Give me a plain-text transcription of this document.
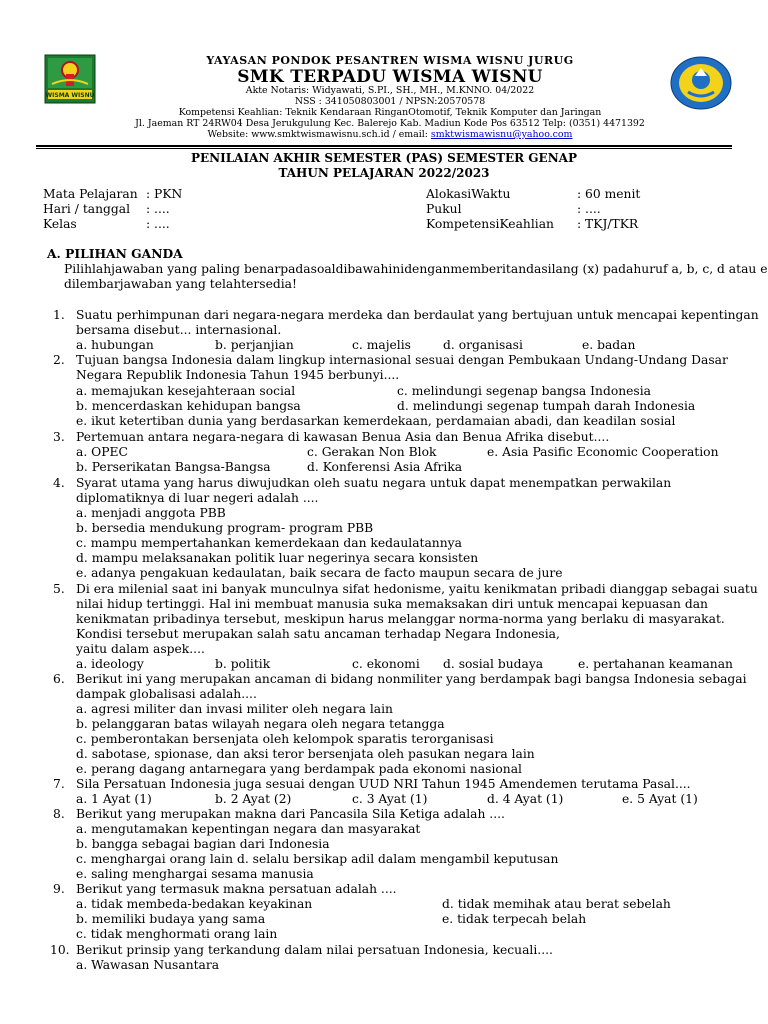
WISMA WISNU
YAYASAN PONDOK PESANTREN WISMA WISNU JURUG
SMK TERPADU WISMA WISNU
Akte Notaris: Widyawati, S.PI., SH., MH., M.KNNO. 04/2022
NSS : 341050803001 / NPSN:20570578
Kompetensi Keahlian: Teknik Kendaraan RinganOtomotif, Teknik Komputer dan Jaringan
Jl. Jaeman RT 24RW04 Desa Jerukgulung Kec. Balerejo Kab. Madiun Kode Pos 63512 Telp: (0351) 4471392
Website: www.smktwismawisnu.sch.id / email: smktwismawisnu@yahoo.com
PENILAIAN AKHIR SEMESTER (PAS) SEMESTER GENAP
TAHUN PELAJARAN 2022/2023
Mata Pelajaran : PKN
Hari / tanggal : ....
Kelas	: ....
AlokasiWaktu	: 60 menit
Pukul	: ....
KompetensiKeahlian : TKJ/TKR
A. PILIHAN GANDA
Pilihlahjawaban yang paling benarpadasoaldibawahinidenganmemberitandasilang (x) padahuruf a, b, c, d atau e
dilembarjawaban yang telahtersedia!
1. Suatu perhimpunan dari negara-negara merdeka dan berdaulat yang bertujuan untuk mencapai kepentingan
bersama disebut... internasional.
a. hubungan	b. perjanjian	c. majelis	d. organisasi	e. badan
2. Tujuan bangsa Indonesia dalam lingkup internasional sesuai dengan Pembukaan Undang-Undang Dasar
Negara Republik Indonesia Tahun 1945 berbunyi....
a. memajukan kesejahteraan social	c. melindungi segenap bangsa Indonesia
b. mencerdaskan kehidupan bangsa	d. melindungi segenap tumpah darah Indonesia
e. ikut ketertiban dunia yang berdasarkan kemerdekaan, perdamaian abadi, dan keadilan sosial
3. Pertemuan antara negara-negara di kawasan Benua Asia dan Benua Afrika disebut....
a. OPEC	c. Gerakan Non Blok	e. Asia Pasific Economic Cooperation
b. Perserikatan Bangsa-Bangsa	d. Konferensi Asia Afrika
4. Syarat utama yang harus diwujudkan oleh suatu negara untuk dapat menempatkan perwakilan
diplomatiknya di luar negeri adalah ....
a. menjadi anggota PBB
b. bersedia mendukung program- program PBB
c. mampu mempertahankan kemerdekaan dan kedaulatannya
d. mampu melaksanakan politik luar negerinya secara konsisten
e. adanya pengakuan kedaulatan, baik secara de facto maupun secara de jure
5. Di era milenial saat ini banyak munculnya sifat hedonisme, yaitu kenikmatan pribadi dianggap sebagai suatu
nilai hidup tertinggi. Hal ini membuat manusia suka memaksakan diri untuk mencapai kepuasan dan
kenikmatan pribadinya tersebut, meskipun harus melanggar norma-norma yang berlaku di masyarakat.
Kondisi tersebut merupakan salah satu ancaman terhadap Negara Indonesia,
yaitu dalam aspek....
a. ideology	b. politik	c. ekonomi d. sosial budaya	e. pertahanan keamanan
6. Berikut ini yang merupakan ancaman di bidang nonmiliter yang berdampak bagi bangsa Indonesia sebagai
dampak globalisasi adalah....
a. agresi militer dan invasi militer oleh negara lain
b. pelanggaran batas wilayah negara oleh negara tetangga
c. pemberontakan bersenjata oleh kelompok sparatis terorganisasi
d. sabotase, spionase, dan aksi teror bersenjata oleh pasukan negara lain
e. perang dagang antarnegara yang berdampak pada ekonomi nasional
7. Sila Persatuan Indonesia juga sesuai dengan UUD NRI Tahun 1945 Amendemen terutama Pasal....
a. 1 Ayat (1)	b. 2 Ayat (2)	c. 3 Ayat (1)	d. 4 Ayat (1)	e. 5 Ayat (1)
8. Berikut yang merupakan makna dari Pancasila Sila Ketiga adalah ....
a. mengutamakan kepentingan negara dan masyarakat
b. bangga sebagai bagian dari Indonesia
c. menghargai orang lain d. selalu bersikap adil dalam mengambil keputusan
e. saling menghargai sesama manusia
9. Berikut yang termasuk makna persatuan adalah ....
a. tidak membeda-bedakan keyakinan	d. tidak memihak atau berat sebelah
b. memiliki budaya yang sama	e. tidak terpecah belah
c. tidak menghormati orang lain
10. Berikut prinsip yang terkandung dalam nilai persatuan Indonesia, kecuali....
a. Wawasan Nusantara
